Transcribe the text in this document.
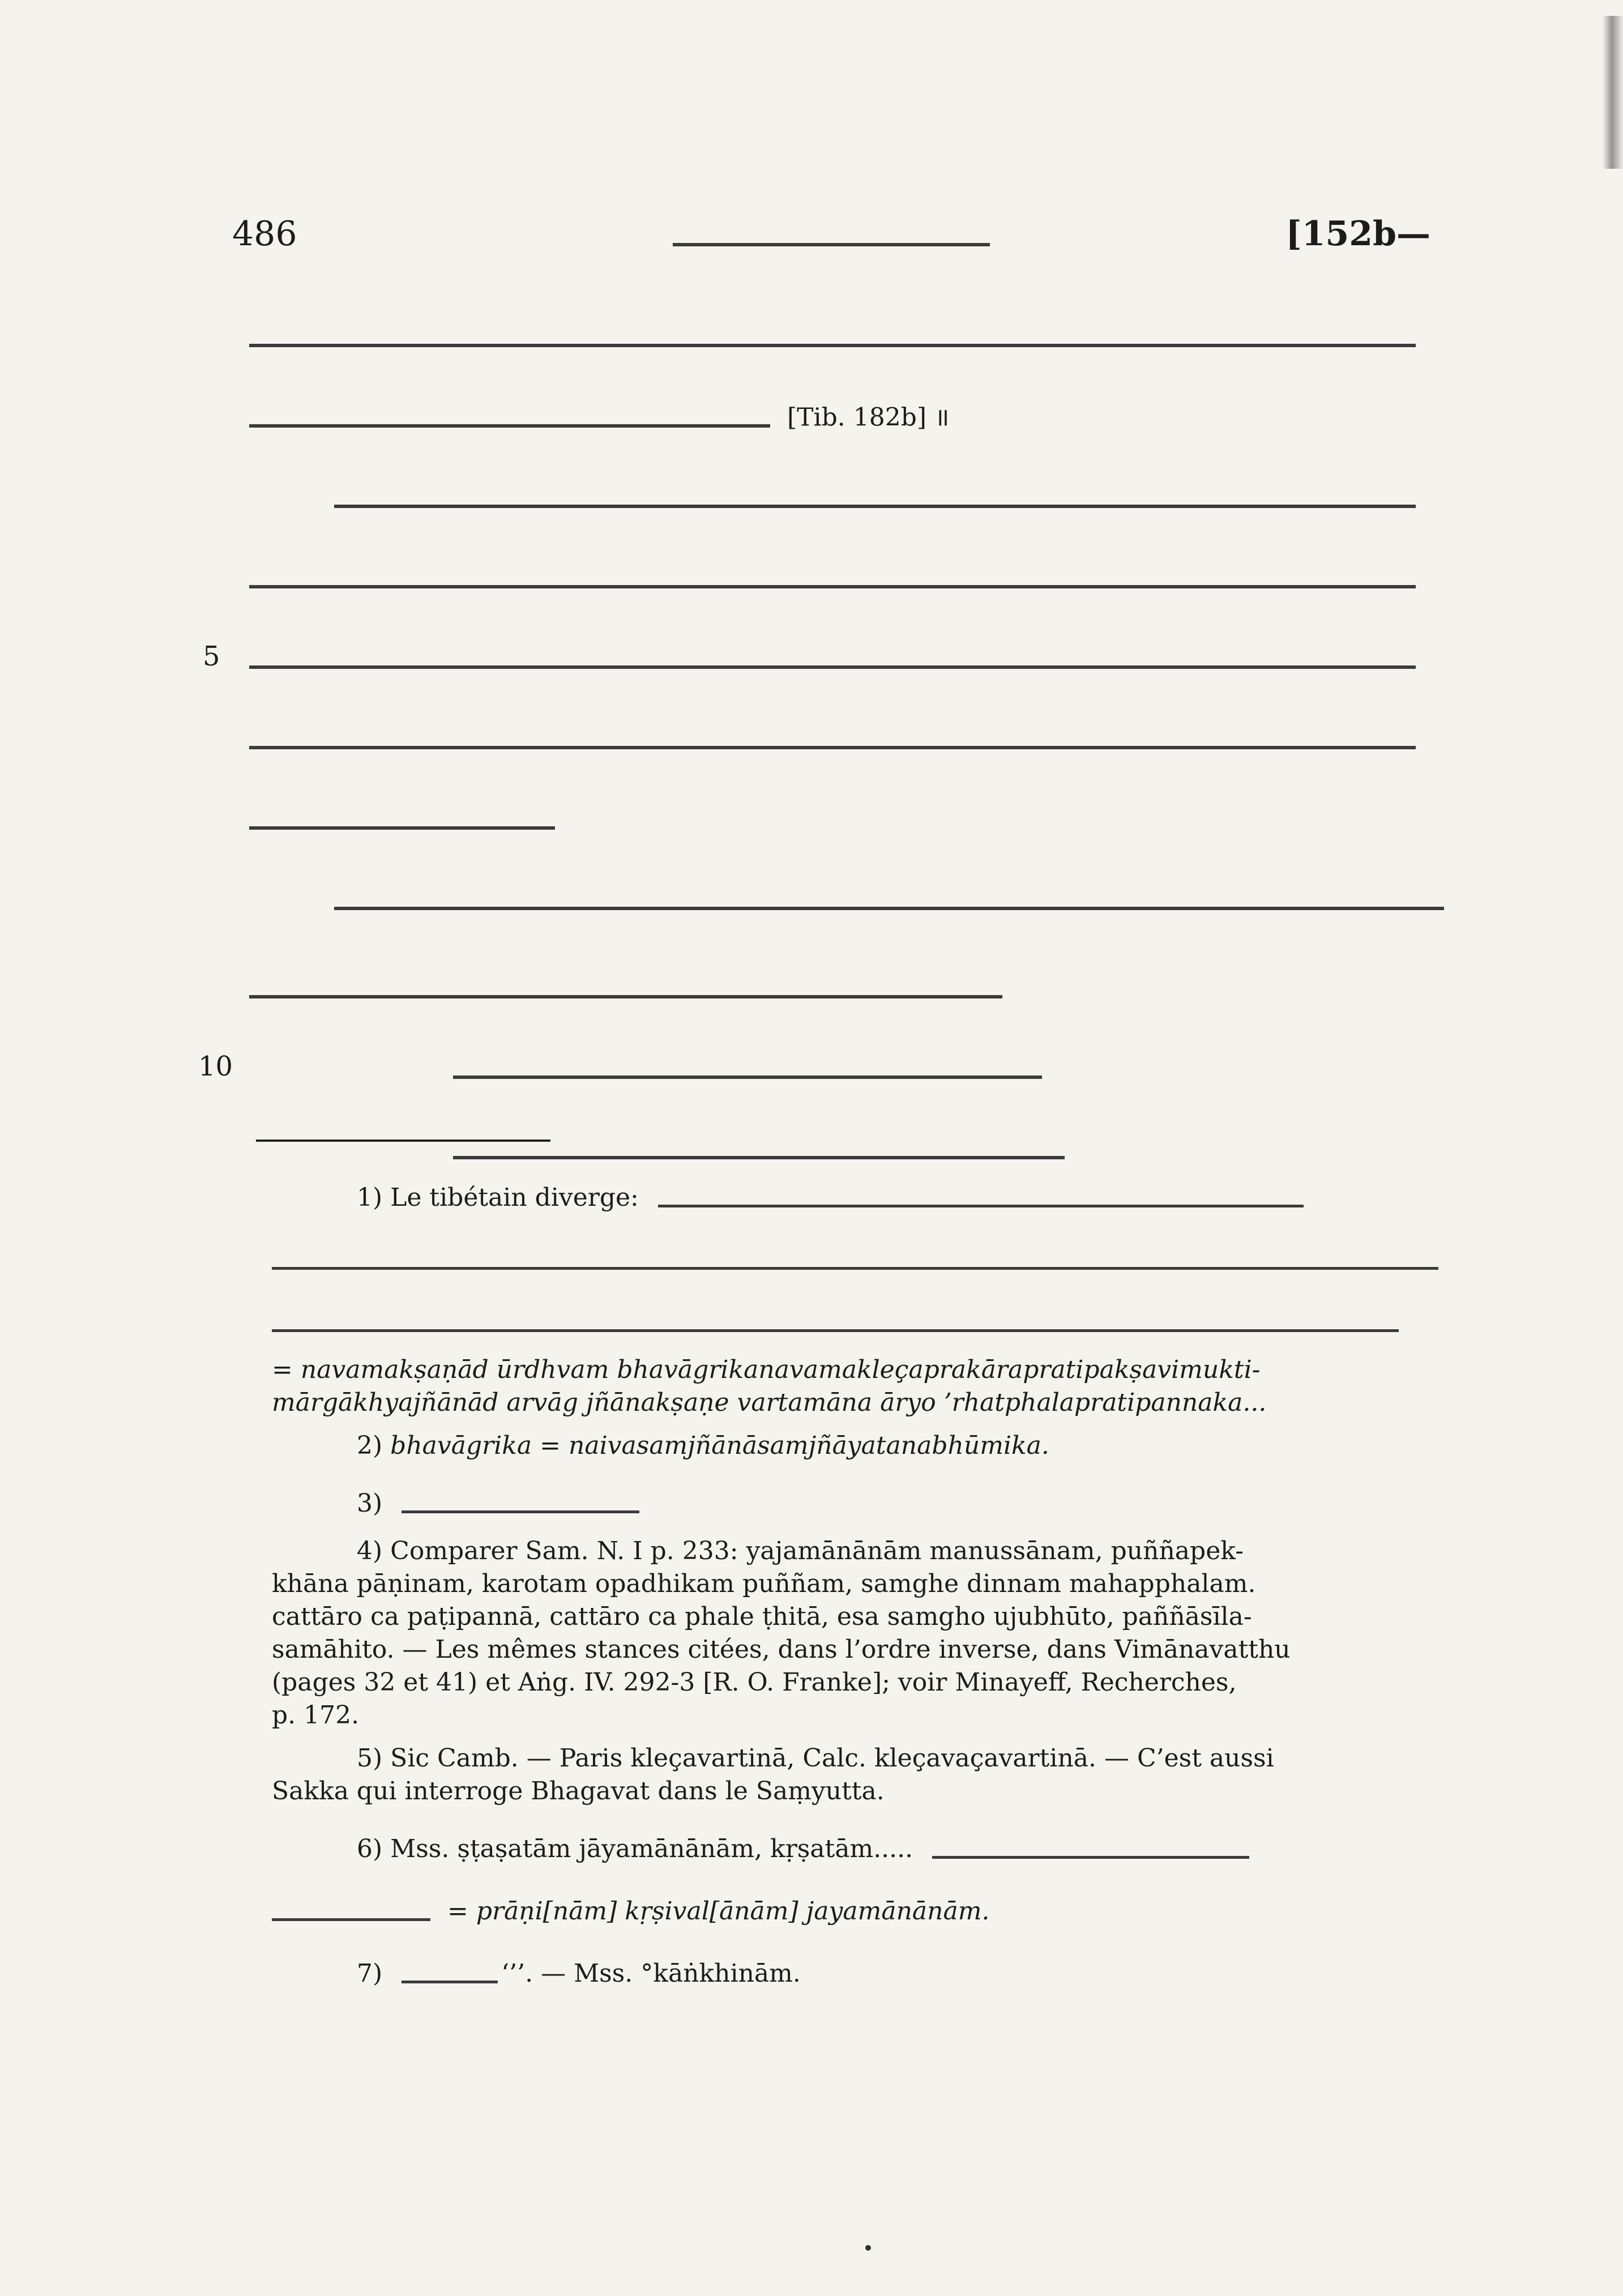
486	[152b—
[Tib. 182b] ॥
5
10
1) Le tibétain diverge:
= navamakṣaṇād ūrdhvam bhavāgrikanavamakleçaprakārapratipakṣavimukti-
mārgākhyajñānād arvāg jñānakṣaṇe vartamāna āryo ’rhatphalapratipannaka...
2) bhavāgrika = naivasamjñānāsamjñāyatanabhūmika.
3)
4) Comparer Sam. N. I p. 233: yajamānānām manussānam, puññapek-
khāna pāṇinam, karotam opadhikam puññam, samghe dinnam mahapphalam.
cattāro ca paṭipannā, cattāro ca phale ṭhitā, esa samgho ujubhūto, paññāsīla-
samāhito. — Les mêmes stances citées, dans l’ordre inverse, dans Vimānavatthu
(pages 32 et 41) et Aṅg. IV. 292-3 [R. O. Franke]; voir Minayeff, Recherches,
p. 172.
5) Sic Camb. — Paris kleçavartinā, Calc. kleçavaçavartinā. — C’est aussi
Sakka qui interroge Bhagavat dans le Saṃyutta.
6) Mss. ṣṭaṣatām jāyamānānām, kṛṣatām.....
= prāṇi[nām] kṛṣival[ānām] jayamānānām.
7)	‘’’. — Mss. °kāṅkhinām.
